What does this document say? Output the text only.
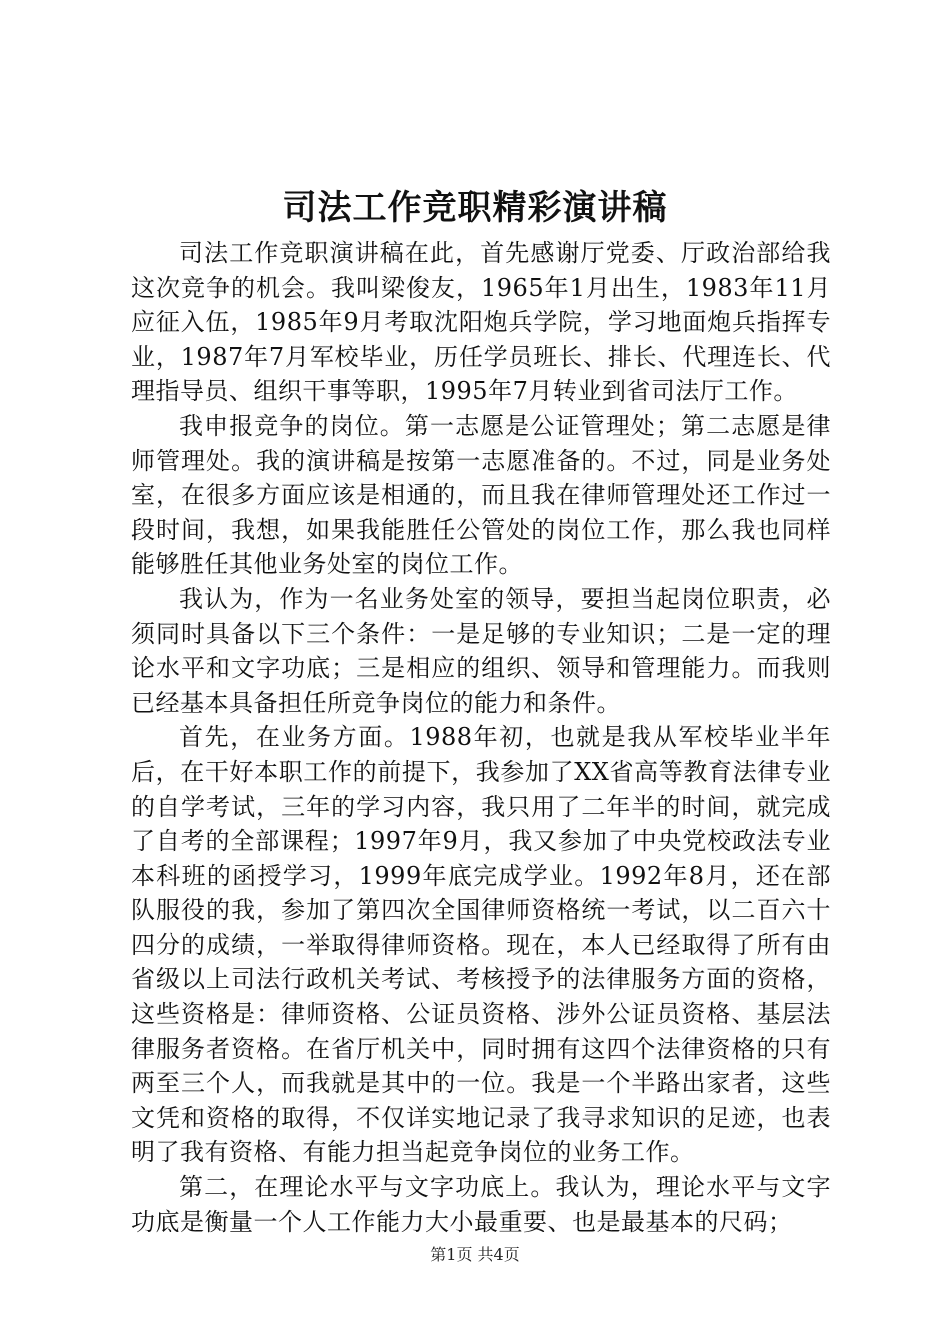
司法工作竞职精彩演讲稿

司法工作竞职演讲稿在此，首先感谢厅党委、厅政治部给我这次竞争的机会。我叫梁俊友，1965年1月出生，1983年11月应征入伍，1985年9月考取沈阳炮兵学院，学习地面炮兵指挥专业，1987年7月军校毕业，历任学员班长、排长、代理连长、代理指导员、组织干事等职，1995年7月转业到省司法厅工作。

我申报竞争的岗位。第一志愿是公证管理处；第二志愿是律师管理处。我的演讲稿是按第一志愿准备的。不过，同是业务处室，在很多方面应该是相通的，而且我在律师管理处还工作过一段时间，我想，如果我能胜任公管处的岗位工作，那么我也同样能够胜任其他业务处室的岗位工作。

我认为，作为一名业务处室的领导，要担当起岗位职责，必须同时具备以下三个条件：一是足够的专业知识；二是一定的理论水平和文字功底；三是相应的组织、领导和管理能力。而我则已经基本具备担任所竞争岗位的能力和条件。

首先，在业务方面。1988年初，也就是我从军校毕业半年后，在干好本职工作的前提下，我参加了XX省高等教育法律专业的自学考试，三年的学习内容，我只用了二年半的时间，就完成了自考的全部课程；1997年9月，我又参加了中央党校政法专业本科班的函授学习，1999年底完成学业。1992年8月，还在部队服役的我，参加了第四次全国律师资格统一考试，以二百六十四分的成绩，一举取得律师资格。现在，本人已经取得了所有由省级以上司法行政机关考试、考核授予的法律服务方面的资格，这些资格是：律师资格、公证员资格、涉外公证员资格、基层法律服务者资格。在省厅机关中，同时拥有这四个法律资格的只有两至三个人，而我就是其中的一位。我是一个半路出家者，这些文凭和资格的取得，不仅详实地记录了我寻求知识的足迹，也表明了我有资格、有能力担当起竞争岗位的业务工作。

第二，在理论水平与文字功底上。我认为，理论水平与文字功底是衡量一个人工作能力大小最重要、也是最基本的尺码；

第1页 共4页
